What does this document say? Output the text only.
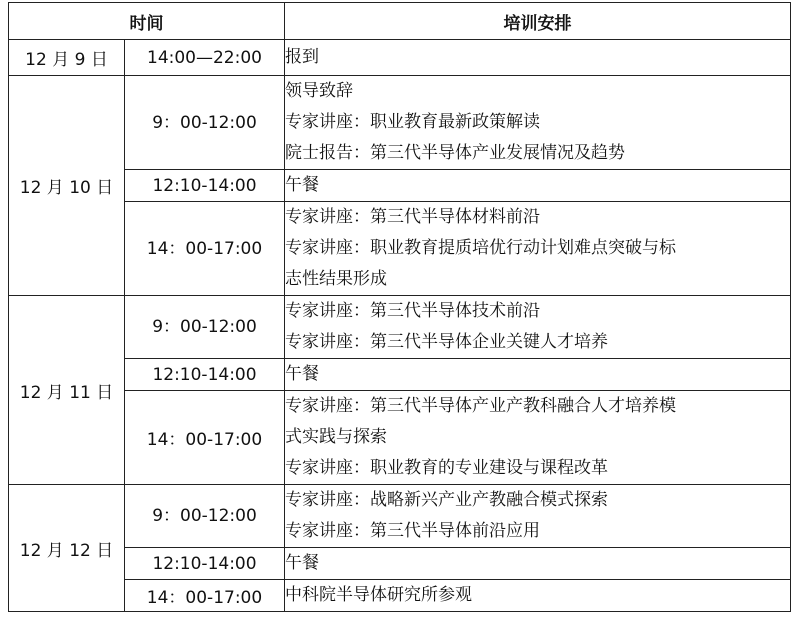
时间		培训安排
12 月 9 日	14:00—22:00	报到

12 月 10 日	9：00-12:00	领导致辞
专家讲座：职业教育最新政策解读
院士报告：第三代半导体产业发展情况及趋势

	12:10-14:00	午餐

	14：00-17:00	专家讲座：第三代半导体材料前沿
专家讲座：职业教育提质培优行动计划难点突破与标
志性结果形成

12 月 11 日	9：00-12:00	专家讲座：第三代半导体技术前沿
专家讲座：第三代半导体企业关键人才培养

	12:10-14:00	午餐

	14：00-17:00	专家讲座：第三代半导体产业产教科融合人才培养模
式实践与探索
专家讲座：职业教育的专业建设与课程改革

12 月 12 日	9：00-12:00	专家讲座：战略新兴产业产教融合模式探索
专家讲座：第三代半导体前沿应用

	12:10-14:00	午餐

	14：00-17:00	中科院半导体研究所参观
